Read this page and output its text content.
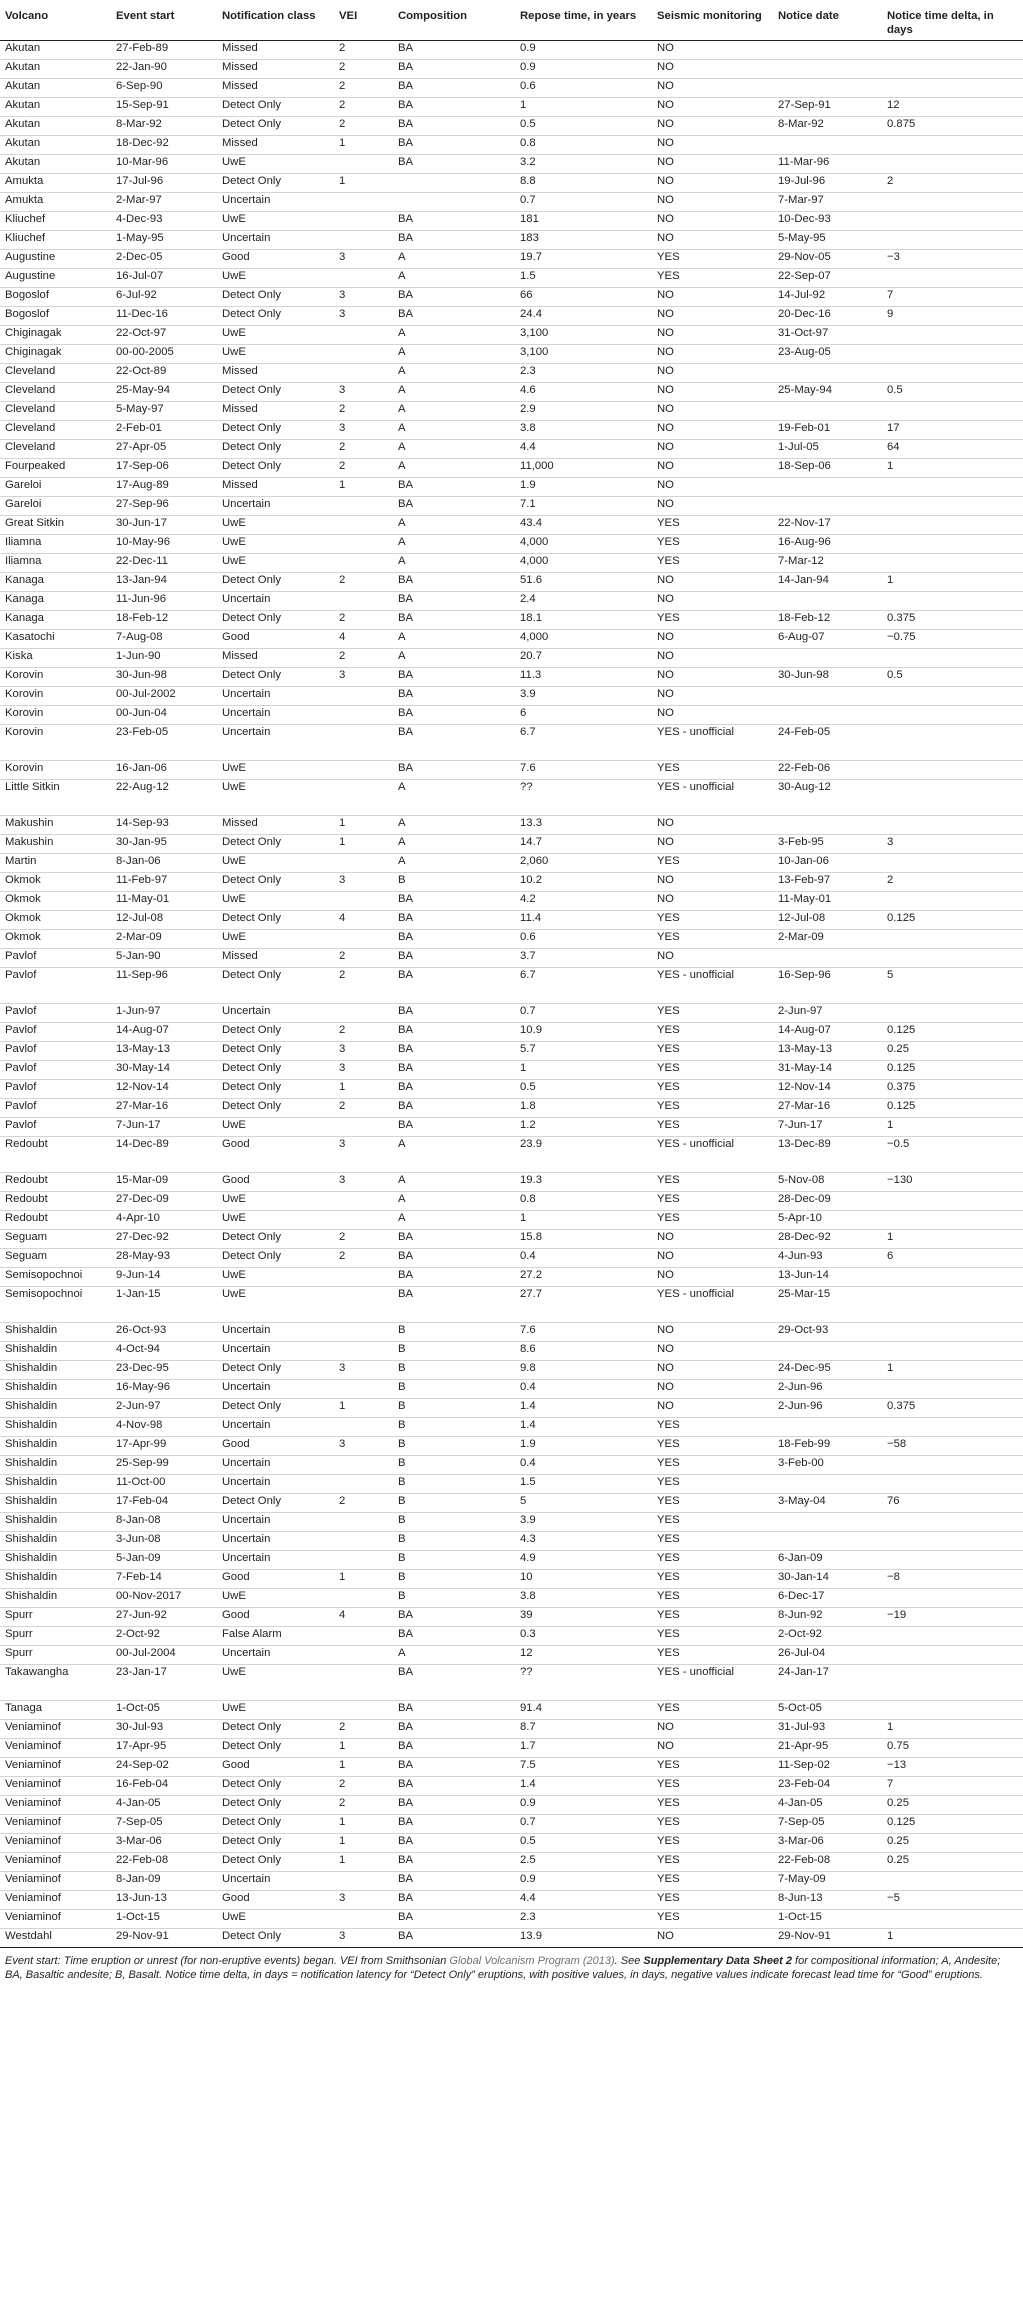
Volcano	Event start	Notification class	VEI	Composition	Repose time, in years	Seismic monitoring	Notice date	Notice time delta, in days
Akutan	27-Feb-89	Missed	2	BA	0.9	NO		
Akutan	22-Jan-90	Missed	2	BA	0.9	NO		
Akutan	6-Sep-90	Missed	2	BA	0.6	NO		
Akutan	15-Sep-91	Detect Only	2	BA	1	NO	27-Sep-91	12
Akutan	8-Mar-92	Detect Only	2	BA	0.5	NO	8-Mar-92	0.875
Akutan	18-Dec-92	Missed	1	BA	0.8	NO		
Akutan	10-Mar-96	UwE		BA	3.2	NO	11-Mar-96	
Amukta	17-Jul-96	Detect Only	1		8.8	NO	19-Jul-96	2
Amukta	2-Mar-97	Uncertain			0.7	NO	7-Mar-97	
Kliuchef	4-Dec-93	UwE		BA	181	NO	10-Dec-93	
Kliuchef	1-May-95	Uncertain		BA	183	NO	5-May-95	
Augustine	2-Dec-05	Good	3	A	19.7	YES	29-Nov-05	−3
Augustine	16-Jul-07	UwE		A	1.5	YES	22-Sep-07	
Bogoslof	6-Jul-92	Detect Only	3	BA	66	NO	14-Jul-92	7
Bogoslof	11-Dec-16	Detect Only	3	BA	24.4	NO	20-Dec-16	9
Chiginagak	22-Oct-97	UwE		A	3,100	NO	31-Oct-97	
Chiginagak	00-00-2005	UwE		A	3,100	NO	23-Aug-05	
Cleveland	22-Oct-89	Missed		A	2.3	NO		
Cleveland	25-May-94	Detect Only	3	A	4.6	NO	25-May-94	0.5
Cleveland	5-May-97	Missed	2	A	2.9	NO		
Cleveland	2-Feb-01	Detect Only	3	A	3.8	NO	19-Feb-01	17
Cleveland	27-Apr-05	Detect Only	2	A	4.4	NO	1-Jul-05	64
Fourpeaked	17-Sep-06	Detect Only	2	A	11,000	NO	18-Sep-06	1
Gareloi	17-Aug-89	Missed	1	BA	1.9	NO		
Gareloi	27-Sep-96	Uncertain		BA	7.1	NO		
Great Sitkin	30-Jun-17	UwE		A	43.4	YES	22-Nov-17	
Iliamna	10-May-96	UwE		A	4,000	YES	16-Aug-96	
Iliamna	22-Dec-11	UwE		A	4,000	YES	7-Mar-12	
Kanaga	13-Jan-94	Detect Only	2	BA	51.6	NO	14-Jan-94	1
Kanaga	11-Jun-96	Uncertain		BA	2.4	NO		
Kanaga	18-Feb-12	Detect Only	2	BA	18.1	YES	18-Feb-12	0.375
Kasatochi	7-Aug-08	Good	4	A	4,000	NO	6-Aug-07	−0.75
Kiska	1-Jun-90	Missed	2	A	20.7	NO		
Korovin	30-Jun-98	Detect Only	3	BA	11.3	NO	30-Jun-98	0.5
Korovin	00-Jul-2002	Uncertain		BA	3.9	NO		
Korovin	00-Jun-04	Uncertain		BA	6	NO		
Korovin	23-Feb-05	Uncertain		BA	6.7	YES - unofficial	24-Feb-05	
Korovin	16-Jan-06	UwE		BA	7.6	YES	22-Feb-06	
Little Sitkin	22-Aug-12	UwE		A	??	YES - unofficial	30-Aug-12	
Makushin	14-Sep-93	Missed	1	A	13.3	NO		
Makushin	30-Jan-95	Detect Only	1	A	14.7	NO	3-Feb-95	3
Martin	8-Jan-06	UwE		A	2,060	YES	10-Jan-06	
Okmok	11-Feb-97	Detect Only	3	B	10.2	NO	13-Feb-97	2
Okmok	11-May-01	UwE		BA	4.2	NO	11-May-01	
Okmok	12-Jul-08	Detect Only	4	BA	11.4	YES	12-Jul-08	0.125
Okmok	2-Mar-09	UwE		BA	0.6	YES	2-Mar-09	
Pavlof	5-Jan-90	Missed	2	BA	3.7	NO		
Pavlof	11-Sep-96	Detect Only	2	BA	6.7	YES - unofficial	16-Sep-96	5
Pavlof	1-Jun-97	Uncertain		BA	0.7	YES	2-Jun-97	
Pavlof	14-Aug-07	Detect Only	2	BA	10.9	YES	14-Aug-07	0.125
Pavlof	13-May-13	Detect Only	3	BA	5.7	YES	13-May-13	0.25
Pavlof	30-May-14	Detect Only	3	BA	1	YES	31-May-14	0.125
Pavlof	12-Nov-14	Detect Only	1	BA	0.5	YES	12-Nov-14	0.375
Pavlof	27-Mar-16	Detect Only	2	BA	1.8	YES	27-Mar-16	0.125
Pavlof	7-Jun-17	UwE		BA	1.2	YES	7-Jun-17	1
Redoubt	14-Dec-89	Good	3	A	23.9	YES - unofficial	13-Dec-89	−0.5
Redoubt	15-Mar-09	Good	3	A	19.3	YES	5-Nov-08	−130
Redoubt	27-Dec-09	UwE		A	0.8	YES	28-Dec-09	
Redoubt	4-Apr-10	UwE		A	1	YES	5-Apr-10	
Seguam	27-Dec-92	Detect Only	2	BA	15.8	NO	28-Dec-92	1
Seguam	28-May-93	Detect Only	2	BA	0.4	NO	4-Jun-93	6
Semisopochnoi	9-Jun-14	UwE		BA	27.2	NO	13-Jun-14	
Semisopochnoi	1-Jan-15	UwE		BA	27.7	YES - unofficial	25-Mar-15	
Shishaldin	26-Oct-93	Uncertain		B	7.6	NO	29-Oct-93	
Shishaldin	4-Oct-94	Uncertain		B	8.6	NO		
Shishaldin	23-Dec-95	Detect Only	3	B	9.8	NO	24-Dec-95	1
Shishaldin	16-May-96	Uncertain		B	0.4	NO	2-Jun-96	
Shishaldin	2-Jun-97	Detect Only	1	B	1.4	NO	2-Jun-96	0.375
Shishaldin	4-Nov-98	Uncertain		B	1.4	YES		
Shishaldin	17-Apr-99	Good	3	B	1.9	YES	18-Feb-99	−58
Shishaldin	25-Sep-99	Uncertain		B	0.4	YES	3-Feb-00	
Shishaldin	11-Oct-00	Uncertain		B	1.5	YES		
Shishaldin	17-Feb-04	Detect Only	2	B	5	YES	3-May-04	76
Shishaldin	8-Jan-08	Uncertain		B	3.9	YES		
Shishaldin	3-Jun-08	Uncertain		B	4.3	YES		
Shishaldin	5-Jan-09	Uncertain		B	4.9	YES	6-Jan-09	
Shishaldin	7-Feb-14	Good	1	B	10	YES	30-Jan-14	−8
Shishaldin	00-Nov-2017	UwE		B	3.8	YES	6-Dec-17	
Spurr	27-Jun-92	Good	4	BA	39	YES	8-Jun-92	−19
Spurr	2-Oct-92	False Alarm		BA	0.3	YES	2-Oct-92	
Spurr	00-Jul-2004	Uncertain		A	12	YES	26-Jul-04	
Takawangha	23-Jan-17	UwE		BA	??	YES - unofficial	24-Jan-17	
Tanaga	1-Oct-05	UwE		BA	91.4	YES	5-Oct-05	
Veniaminof	30-Jul-93	Detect Only	2	BA	8.7	NO	31-Jul-93	1
Veniaminof	17-Apr-95	Detect Only	1	BA	1.7	NO	21-Apr-95	0.75
Veniaminof	24-Sep-02	Good	1	BA	7.5	YES	11-Sep-02	−13
Veniaminof	16-Feb-04	Detect Only	2	BA	1.4	YES	23-Feb-04	7
Veniaminof	4-Jan-05	Detect Only	2	BA	0.9	YES	4-Jan-05	0.25
Veniaminof	7-Sep-05	Detect Only	1	BA	0.7	YES	7-Sep-05	0.125
Veniaminof	3-Mar-06	Detect Only	1	BA	0.5	YES	3-Mar-06	0.25
Veniaminof	22-Feb-08	Detect Only	1	BA	2.5	YES	22-Feb-08	0.25
Veniaminof	8-Jan-09	Uncertain		BA	0.9	YES	7-May-09	
Veniaminof	13-Jun-13	Good	3	BA	4.4	YES	8-Jun-13	−5
Veniaminof	1-Oct-15	UwE		BA	2.3	YES	1-Oct-15	
Westdahl	29-Nov-91	Detect Only	3	BA	13.9	NO	29-Nov-91	1
Event start: Time eruption or unrest (for non-eruptive events) began. VEI from Smithsonian Global Volcanism Program (2013). See Supplementary Data Sheet 2 for compositional information; A, Andesite; BA, Basaltic andesite; B, Basalt. Notice time delta, in days = notification latency for “Detect Only” eruptions, with positive values, in days, negative values indicate forecast lead time for “Good” eruptions.
